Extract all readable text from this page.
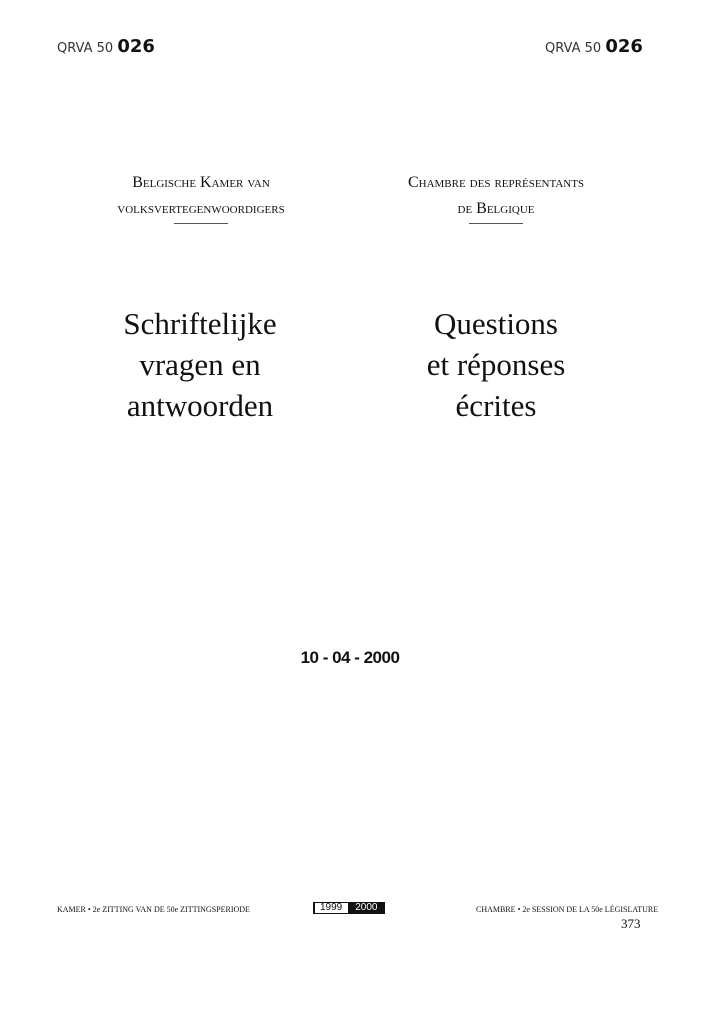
QRVA 50 026	QRVA 50 026
Belgische Kamer van
volksvertegenwoordigers
Chambre des représentants
de Belgique
Schriftelijke
vragen en
antwoorden
Questions
et réponses
écrites
10 - 04 - 2000
KAMER • 2e ZITTING VAN DE 50e ZITTINGSPERIODE	1999	2000	CHAMBRE • 2e SESSION DE LA 50e LÉGISLATURE
373
